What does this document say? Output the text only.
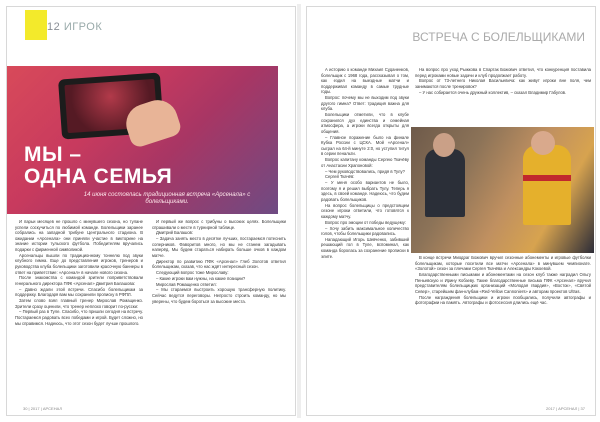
12 ИГРОК
МЫ –
ОДНА СЕМЬЯ
14 июня состоялась традиционная встреча «Арсенала» с болельщиками.

И парьи месяцев не прошло с минувшего сезона, но тулане успели соскучиться по любимой команде. Болельщики заранее собрались на западной трибуне Центрального стадиона. В ожидании «Арсенала» они приняли участие в викторине на знание истории тульского футбола. Победителям вручались подарки с фирменной символикой.

Арсенальцы вышли по традиционному тоннелю под звуки клубного гимна. Еще до представления игроков, тренеров и руководства клуба болельщики заготовили красочную баннеры в ответ на приветствие: «Арсенал» в начале нового сезона.

После знакомства с командой зрители поприветствовали генерального директора ПФК «Арсенал» Дмитрия Балашова:

– Давно ждали этой встречи. Спасибо болельщикам за поддержку. Благодаря вам мы сохранили прописку в РФПЛ.

Затем слово взял главный тренер Мирослав Ромащенко. Зрители сразу оценили, что тренер неплохо говорит по-русски:

– Первый раз в Туле. Спасибо, что пришли сегодня на встречу. Постараемся радовать всех победами и игрой. Будет сложно, но мы справимся. Надеюсь, что этот сезон будет лучше прошлого.

И первый же вопрос с трибуны о высоких целях. Болельщики спрашивали о месте в турнирной таблице.

Дмитрий Балашов:

– Задача занять место в десятке лучших, постараемся потеснить соперников. Фаворитов много, но мы не станем загадывать наперёд. Мы будем стараться набирать больше очков в каждом матче.

Директор по развитию ПФК «Арсенал» Глеб Золотов ответил болельщикам, сказав, что нас ждёт интересный сезон.

Следующий вопрос тоже Мирославу:

– Какие игроки вам нужны, на какие позиции?

Мирослав Ромащенко ответил:

– Мы стараемся выстроить хорошую трансферную политику. Сейчас ведутся переговоры. Непросто строить команду, но мы уверены, что будем бороться за высокие места.

30 | 2017 | АРСЕНАЛ
ВСТРЕЧА С БОЛЕЛЬЩИКАМИ

А историю о команде Михаил Суданенков, болельщик с 1968 года, рассказывал о том, как ездил на выездные матчи и поддерживал команду в самые трудные годы.

Вопрос: почему мы не выходим под звуки другого гимна? Ответ: традиция важна для клуба.

Болельщики отметили, что в клубе сохранился дух единства и семейная атмосфера, а игроки всегда открыты для общения.

– Главное поражение было на финале Кубка России с ЦСКА. Мой «Арсенал» сыграл на 64-й минуте 2:0, но уступил титул в серии пенальти.

Вопрос капитану команды Сергею Ткачёву от Анастасии Храпоновой:

– Чем руководствовались, придя в Тулу?

Сергей Ткачёв:

– У меня особо вариантов не было, поэтому я и решил выбрать Тулу. Теперь я здесь, в своей команде. Надеюсь, что будем радовать болельщиков.

На вопрос болельщицы о предстоящем сезоне игроки ответили, что готовятся к каждому матчу.

Вопрос про эмоции от победы ведущему:

– Хочу забить максимальное количество голов, чтобы болельщики радовались.

Нападающий Игорь Шевченко, забивший решающий гол в Туле, вспоминал, как команда боролась за сохранение прописки в элите.

На вопрос про уход Рыжкова в Спартак Божович ответил, что конкуренция поставила перед игроками новые задачи и клуб продолжает работу.

Вопрос от 73-летнего Николая Васильевича: как живут игроки вне поля, чем занимаются после тренировок?

– У нас собирается очень дружный коллектив, – сказал Владимир Габулов.

В конце встречи Миодраг Божович вручил сезонные абонементы и игровые футболки болельщикам, которые посетили все матчи «Арсенала» в минувшем чемпионате. «Золотой» сезон за плечами Сергея Ткачёва и Александры Кокоевой.

Благодарственными письмами и абонементами на сезон клуб также наградил Ольгу Пеньевскую и Ирину Кобзеву. Такие благодарственные письма ПФК «Арсенал» вручил представителям болельщицких организаций «Молодая гвардия», «Восток», «Святой Север», старейшим фан-клубам «Red-Yellow Cannoniers» и авторам проектов Ultras.

После награждения болельщики и игроки пообщались, получили автографы и фотографии на память. Автографы и фотосессия длились ещё час.

2017 | АРСЕНАЛ | 37
